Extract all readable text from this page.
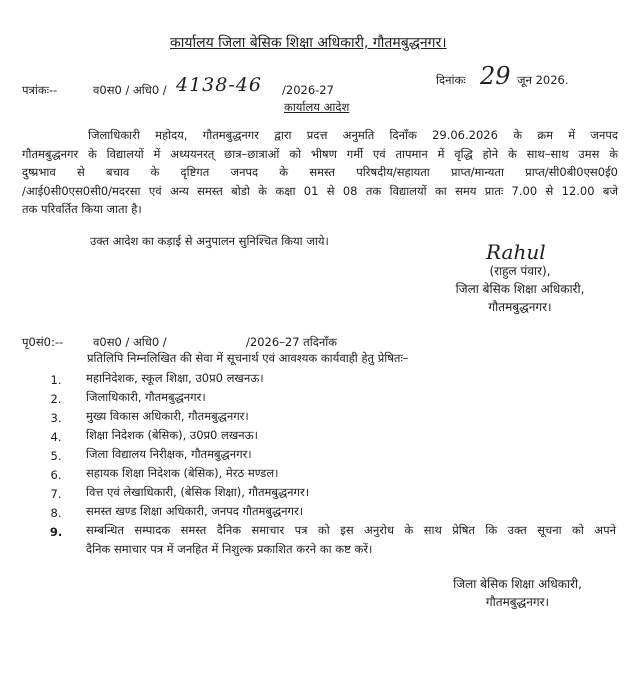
कार्यालय जिला बेसिक शिक्षा अधिकारी, गौतमबुद्धनगर।
पत्रांकः--	व0स0 / अधि0 / 4138-46 /2026-27
दिनांकः 29 जून 2026.
कार्यालय आदेश
जिलाधिकारी महोदय, गौतमबुद्धनगर द्वारा प्रदत्त अनुमति दिनाँक 29.06.2026 के क्रम में जनपद
गौतमबुद्धनगर के विद्यालयों में अध्ययनरत् छात्र–छात्राओं को भीषण गर्मी एवं तापमान में वृद्धि होने के साथ–साथ उमस के
दुष्प्रभाव से बचाव के दृष्टिगत जनपद के समस्त परिषदीय/सहायता प्राप्त/मान्यता प्राप्त/सी0बी0एस0ई0
/आई0सी0एस0सी0/मदरसा एवं अन्य समस्त बोडो के कक्षा 01 से 08 तक विद्यालयों का समय प्रातः 7.00 से 12.00 बजे
तक परिवर्तित किया जाता है।
उक्त आदेश का कड़ाई से अनुपालन सुनिश्चित किया जाये।	Rahul
(राहुल पंवार),
जिला बेसिक शिक्षा अधिकारी,
गौतमबुद्धनगर।
पृ0सं0:--	व0स0 / अधि0 /	/2026–27 तदिनाँक
प्रतिलिपि निम्नलिखित की सेवा में सूचनार्थ एवं आवश्यक कार्यवाही हेतु प्रेषितः–
1. महानिदेशक, स्कूल शिक्षा, उ0प्र0 लखनऊ।
2. जिलाधिकारी, गौतमबुद्धनगर।
3. मुख्य विकास अधिकारी, गौतमबुद्धनगर।
4. शिक्षा निदेशक (बेसिक), उ0प्र0 लखनऊ।
5. जिला विद्यालय निरीक्षक, गौतमबुद्धनगर।
6. सहायक शिक्षा निदेशक (बेसिक), मेरठ मण्डल।
7. वित्त एवं लेखाधिकारी, (बेसिक शिक्षा), गौतमबुद्धनगर।
8. समस्त खण्ड शिक्षा अधिकारी, जनपद गौतमबुद्धनगर।
9. सम्बन्धित सम्पादक समस्त दैनिक समाचार पत्र को इस अनुरोध के साथ प्रेषित कि उक्त सूचना को अपने
दैनिक समाचार पत्र में जनहित में निशुल्क प्रकाशित करने का कष्ट करें।
जिला बेसिक शिक्षा अधिकारी,
गौतमबुद्धनगर।
